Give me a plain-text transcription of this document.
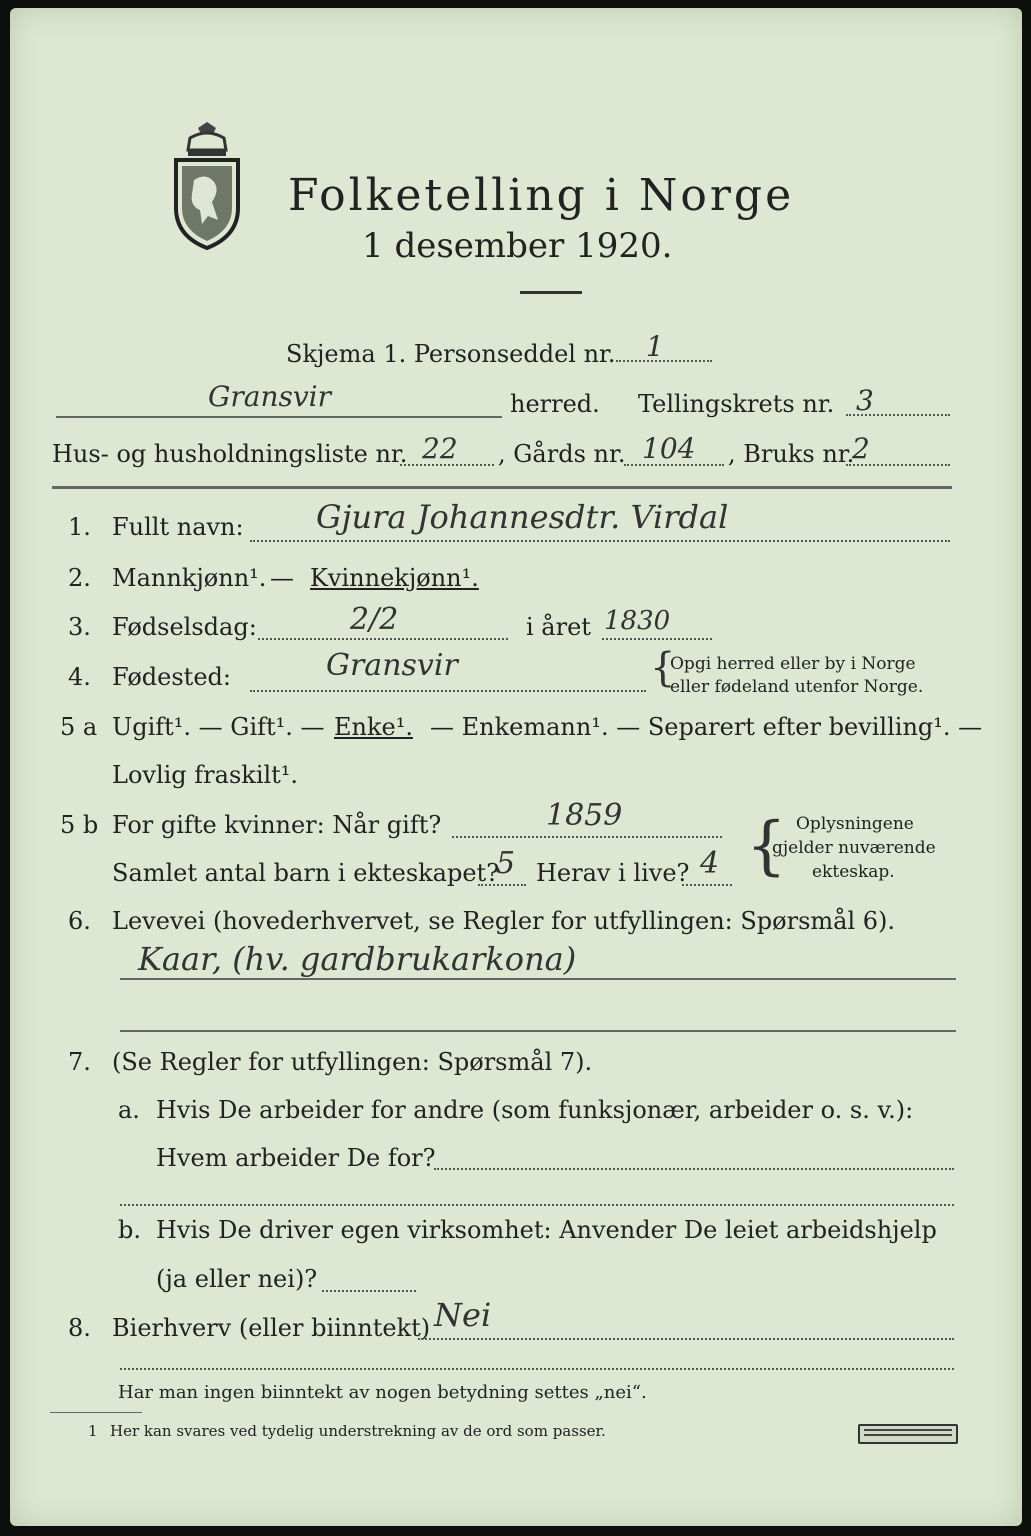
Folketelling i Norge
1 desember 1920.
Skjema 1. Personseddel nr. 1
Gransvir	herred. Tellingskrets nr. 3
Hus- og husholdningsliste nr. 22 , Gårds nr. 104 , Bruks nr.
2
1. Fullt navn: Gjura Johannesdtr. Virdal
2. Mannkjønn¹. — Kvinnekjønn¹.
3. Fødselsdag:	2/2	i året 1830
4. Fødested:	Gransvir	{
Opgi herred eller by i Norge
eller fødeland utenfor Norge.
5 a Ugift¹. — Gift¹. — Enke¹. — Enkemann¹. — Separert efter bevilling¹. —
Lovlig fraskilt¹.
5 b For gifte kvinner: Når gift?	1859
Samlet antal barn i ekteskapet?
5 Herav i live? 4 { Oplysningene
gjelder nuværende
ekteskap.
6. Levevei (hovederhvervet, se Regler for utfyllingen: Spørsmål 6).
Kaar, (hv. gardbrukarkona)
7. (Se Regler for utfyllingen: Spørsmål 7).
a. Hvis De arbeider for andre (som funksjonær, arbeider o. s. v.):
Hvem arbeider De for?
b. Hvis De driver egen virksomhet: Anvender De leiet arbeidshjelp
(ja eller nei)?
8. Bierhverv (eller biinntekt) Nei
Har man ingen biinntekt av nogen betydning settes „nei“.
1 Her kan svares ved tydelig understrekning av de ord som passer.
